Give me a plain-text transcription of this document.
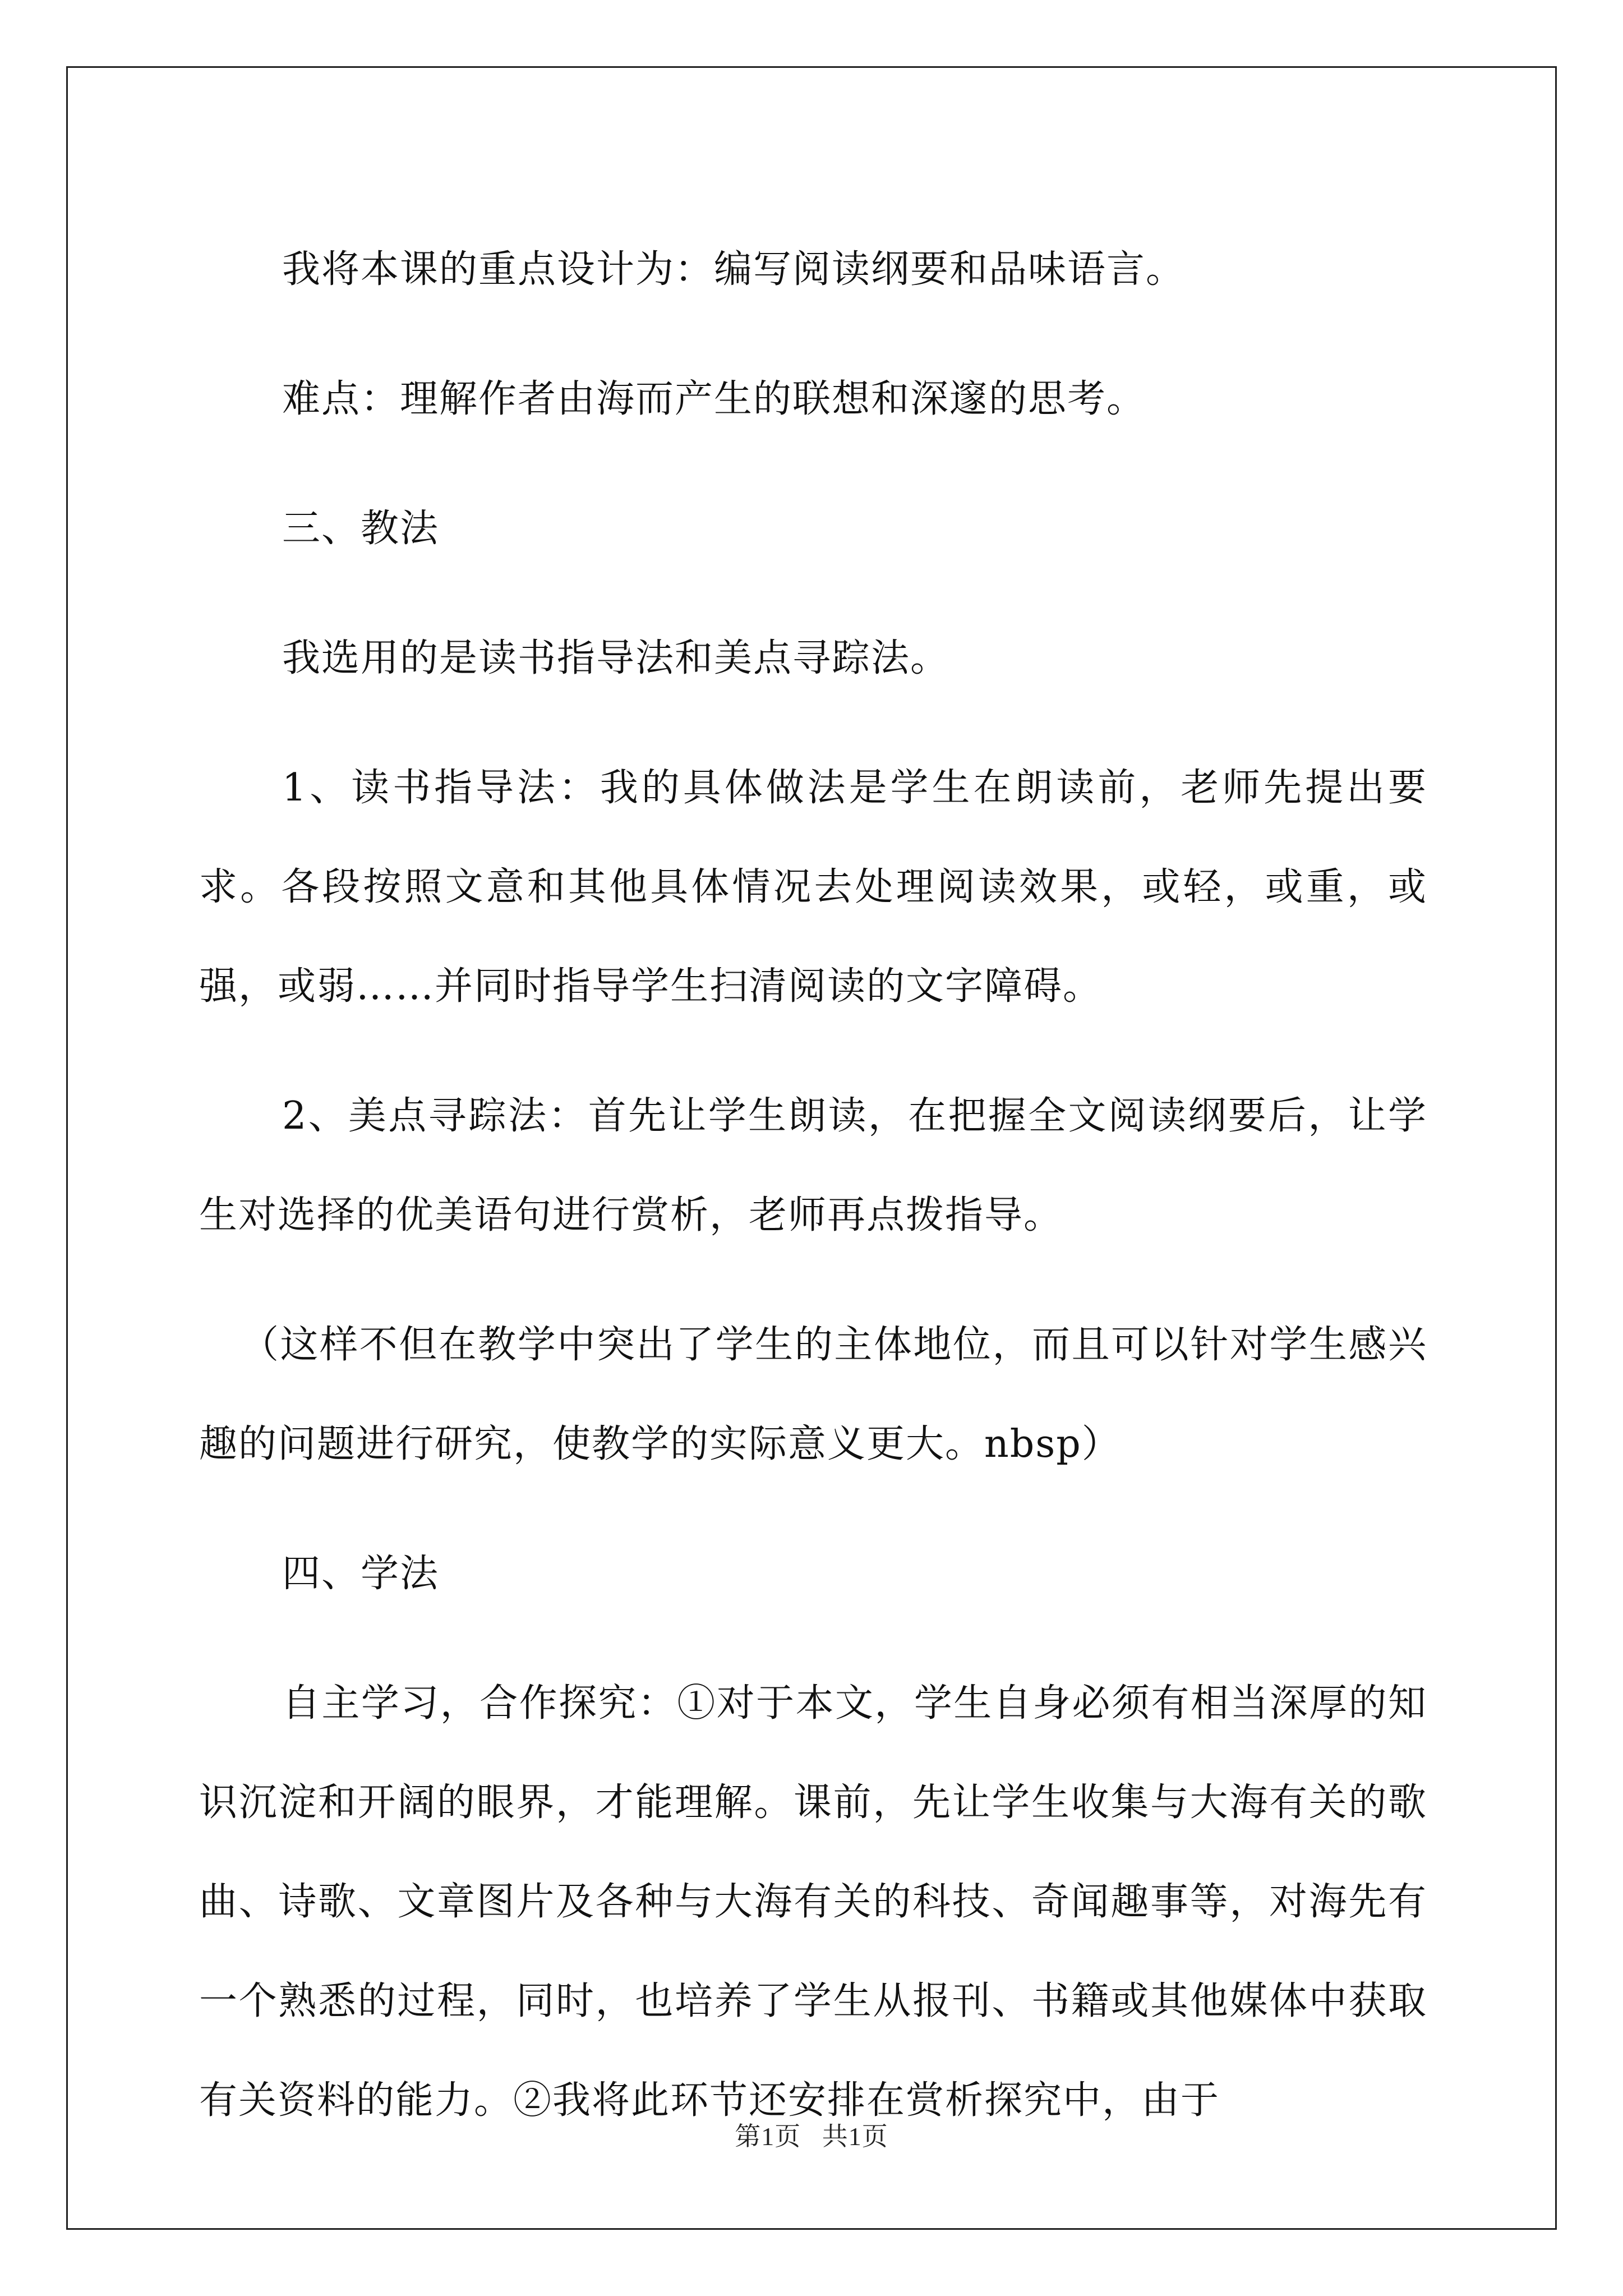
我将本课的重点设计为：编写阅读纲要和品味语言。

难点：理解作者由海而产生的联想和深邃的思考。

三、教法

我选用的是读书指导法和美点寻踪法。

1、读书指导法：我的具体做法是学生在朗读前，老师先提出要求。各段按照文意和其他具体情况去处理阅读效果，或轻，或重，或强，或弱……并同时指导学生扫清阅读的文字障碍。

2、美点寻踪法：首先让学生朗读，在把握全文阅读纲要后，让学生对选择的优美语句进行赏析，老师再点拨指导。

（这样不但在教学中突出了学生的主体地位，而且可以针对学生感兴趣的问题进行研究，使教学的实际意义更大。nbsp）

四、学法

自主学习，合作探究：①对于本文，学生自身必须有相当深厚的知识沉淀和开阔的眼界，才能理解。课前，先让学生收集与大海有关的歌曲、诗歌、文章图片及各种与大海有关的科技、奇闻趣事等，对海先有一个熟悉的过程，同时，也培养了学生从报刊、书籍或其他媒体中获取有关资料的能力。②我将此环节还安排在赏析探究中，由于

第1页 共1页
